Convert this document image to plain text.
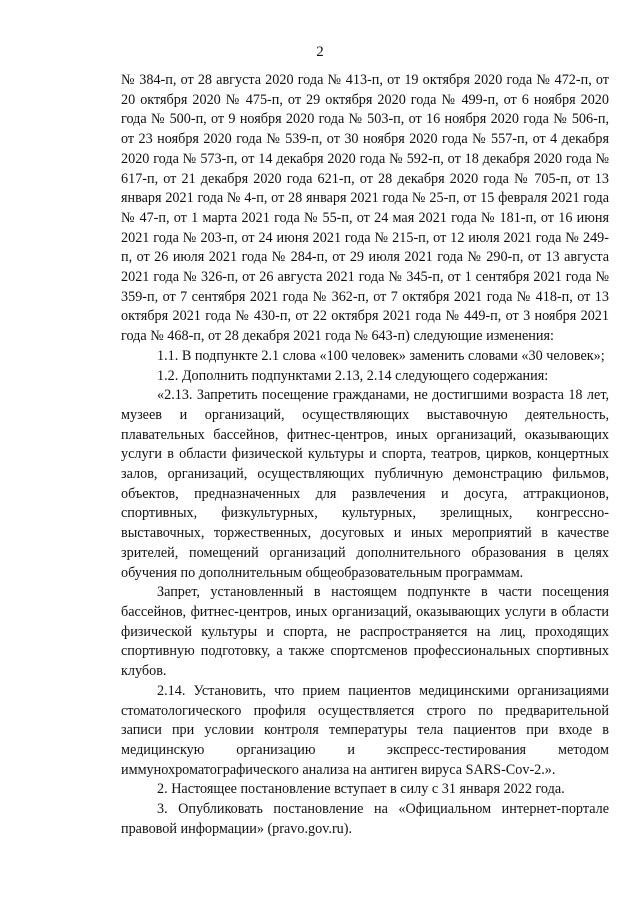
2

№ 384-п, от 28 августа 2020 года № 413-п, от 19 октября 2020 года № 472-п, от 20 октября 2020 № 475-п, от 29 октября 2020 года № 499-п, от 6 ноября 2020 года № 500-п, от 9 ноября 2020 года № 503-п, от 16 ноября 2020 года № 506-п, от 23 ноября 2020 года № 539-п, от 30 ноября 2020 года № 557-п, от 4 декабря 2020 года № 573-п, от 14 декабря 2020 года № 592-п, от 18 декабря 2020 года № 617-п, от 21 декабря 2020 года 621-п, от 28 декабря 2020 года № 705-п, от 13 января 2021 года № 4-п, от 28 января 2021 года № 25-п, от 15 февраля 2021 года № 47-п, от 1 марта 2021 года № 55-п, от 24 мая 2021 года № 181-п, от 16 июня 2021 года № 203-п, от 24 июня 2021 года № 215-п, от 12 июля 2021 года № 249-п, от 26 июля 2021 года № 284-п, от 29 июля 2021 года № 290-п, от 13 августа 2021 года № 326-п, от 26 августа 2021 года № 345-п, от 1 сентября 2021 года № 359-п, от 7 сентября 2021 года № 362-п, от 7 октября 2021 года № 418-п, от 13 октября 2021 года № 430-п, от 22 октября 2021 года № 449-п, от 3 ноября 2021 года № 468-п, от 28 декабря 2021 года № 643-п) следующие изменения:

1.1. В подпункте 2.1 слова «100 человек» заменить словами «30 человек»;

1.2. Дополнить подпунктами 2.13, 2.14 следующего содержания:

«2.13. Запретить посещение гражданами, не достигшими возраста 18 лет, музеев и организаций, осуществляющих выставочную деятельность, плавательных бассейнов, фитнес-центров, иных организаций, оказывающих услуги в области физической культуры и спорта, театров, цирков, концертных залов, организаций, осуществляющих публичную демонстрацию фильмов, объектов, предназначенных для развлечения и досуга, аттракционов, спортивных, физкультурных, культурных, зрелищных, конгрессно-выставочных, торжественных, досуговых и иных мероприятий в качестве зрителей, помещений организаций дополнительного образования в целях обучения по дополнительным общеобразовательным программам.

Запрет, установленный в настоящем подпункте в части посещения бассейнов, фитнес-центров, иных организаций, оказывающих услуги в области физической культуры и спорта, не распространяется на лиц, проходящих спортивную подготовку, а также спортсменов профессиональных спортивных клубов.

2.14. Установить, что прием пациентов медицинскими организациями стоматологического профиля осуществляется строго по предварительной записи при условии контроля температуры тела пациентов при входе в медицинскую организацию и экспресс-тестирования методом иммунохроматографического анализа на антиген вируса SARS-Cov-2.».

2. Настоящее постановление вступает в силу с 31 января 2022 года.

3. Опубликовать постановление на «Официальном интернет-портале правовой информации» (pravo.gov.ru).
